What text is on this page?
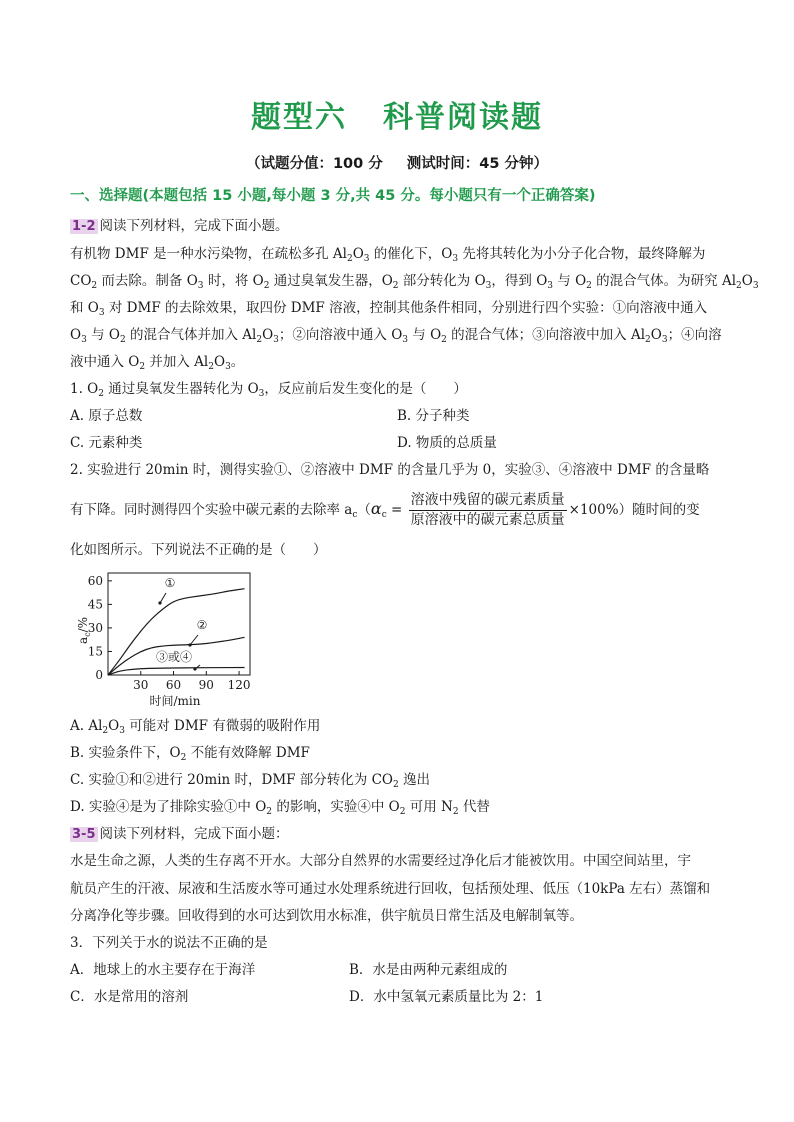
题型六 科普阅读题
（试题分值：100 分 测试时间：45 分钟）
一、选择题(本题包括 15 小题,每小题 3 分,共 45 分。每小题只有一个正确答案)
1-2 阅读下列材料，完成下面小题。
有机物 DMF 是一种水污染物，在疏松多孔 $Al_2O_3$ 的催化下，$O_3$ 先将其转化为小分子化合物，最终降解为
$CO_2$ 而去除。制备 $O_3$ 时，将 $O_2$ 通过臭氧发生器，$O_2$ 部分转化为 $O_3$，得到 $O_3$ 与 $O_2$ 的混合气体。为研究 $Al_2O_3$
和 $O_3$ 对 DMF 的去除效果，取四份 DMF 溶液，控制其他条件相同，分别进行四个实验：①向溶液中通入
$O_3$ 与 $O_2$ 的混合气体并加入 $Al_2O_3$；②向溶液中通入 $O_3$ 与 $O_2$ 的混合气体；③向溶液中加入 $Al_2O_3$；④向溶
液中通入 $O_2$ 并加入 $Al_2O_3$。
1. $O_2$ 通过臭氧发生器转化为 $O_3$，反应前后发生变化的是（　　）
A. 原子总数	B. 分子种类
C. 元素种类	D. 物质的总质量
2. 实验进行 20min 时，测得实验①、②溶液中 DMF 的含量几乎为 0，实验③、④溶液中 DMF 的含量略
有下降。同时测得四个实验中碳元素的去除率 $a_c(\alpha_c = \frac{\text{溶液中残留的碳元素质量}}{\text{原溶液中的碳元素总质量}} \times 100\%)$随时间的变
化如图所示。下列说法不正确的是（　　）
0
15
30
45
60
30 60 90 120
时间/min
$a_c/\%$
①
②
③或④
A. $Al_2O_3$ 可能对 DMF 有微弱的吸附作用
B. 实验条件下，$O_2$ 不能有效降解 DMF
C. 实验①和②进行 20min 时，DMF 部分转化为 $CO_2$ 逸出
D. 实验④是为了排除实验①中 $O_2$ 的影响，实验④中 $O_2$ 可用 $N_2$ 代替
3-5 阅读下列材料，完成下面小题：
水是生命之源，人类的生存离不开水。大部分自然界的水需要经过净化后才能被饮用。中国空间站里，宇
航员产生的汗液、尿液和生活废水等可通过水处理系统进行回收，包括预处理、低压（10kPa 左右）蒸馏和
分离净化等步骤。回收得到的水可达到饮用水标准，供宇航员日常生活及电解制氧等。
3．下列关于水的说法不正确的是
A．地球上的水主要存在于海洋	B．水是由两种元素组成的
C．水是常用的溶剂	D．水中氢氧元素质量比为 2：1
